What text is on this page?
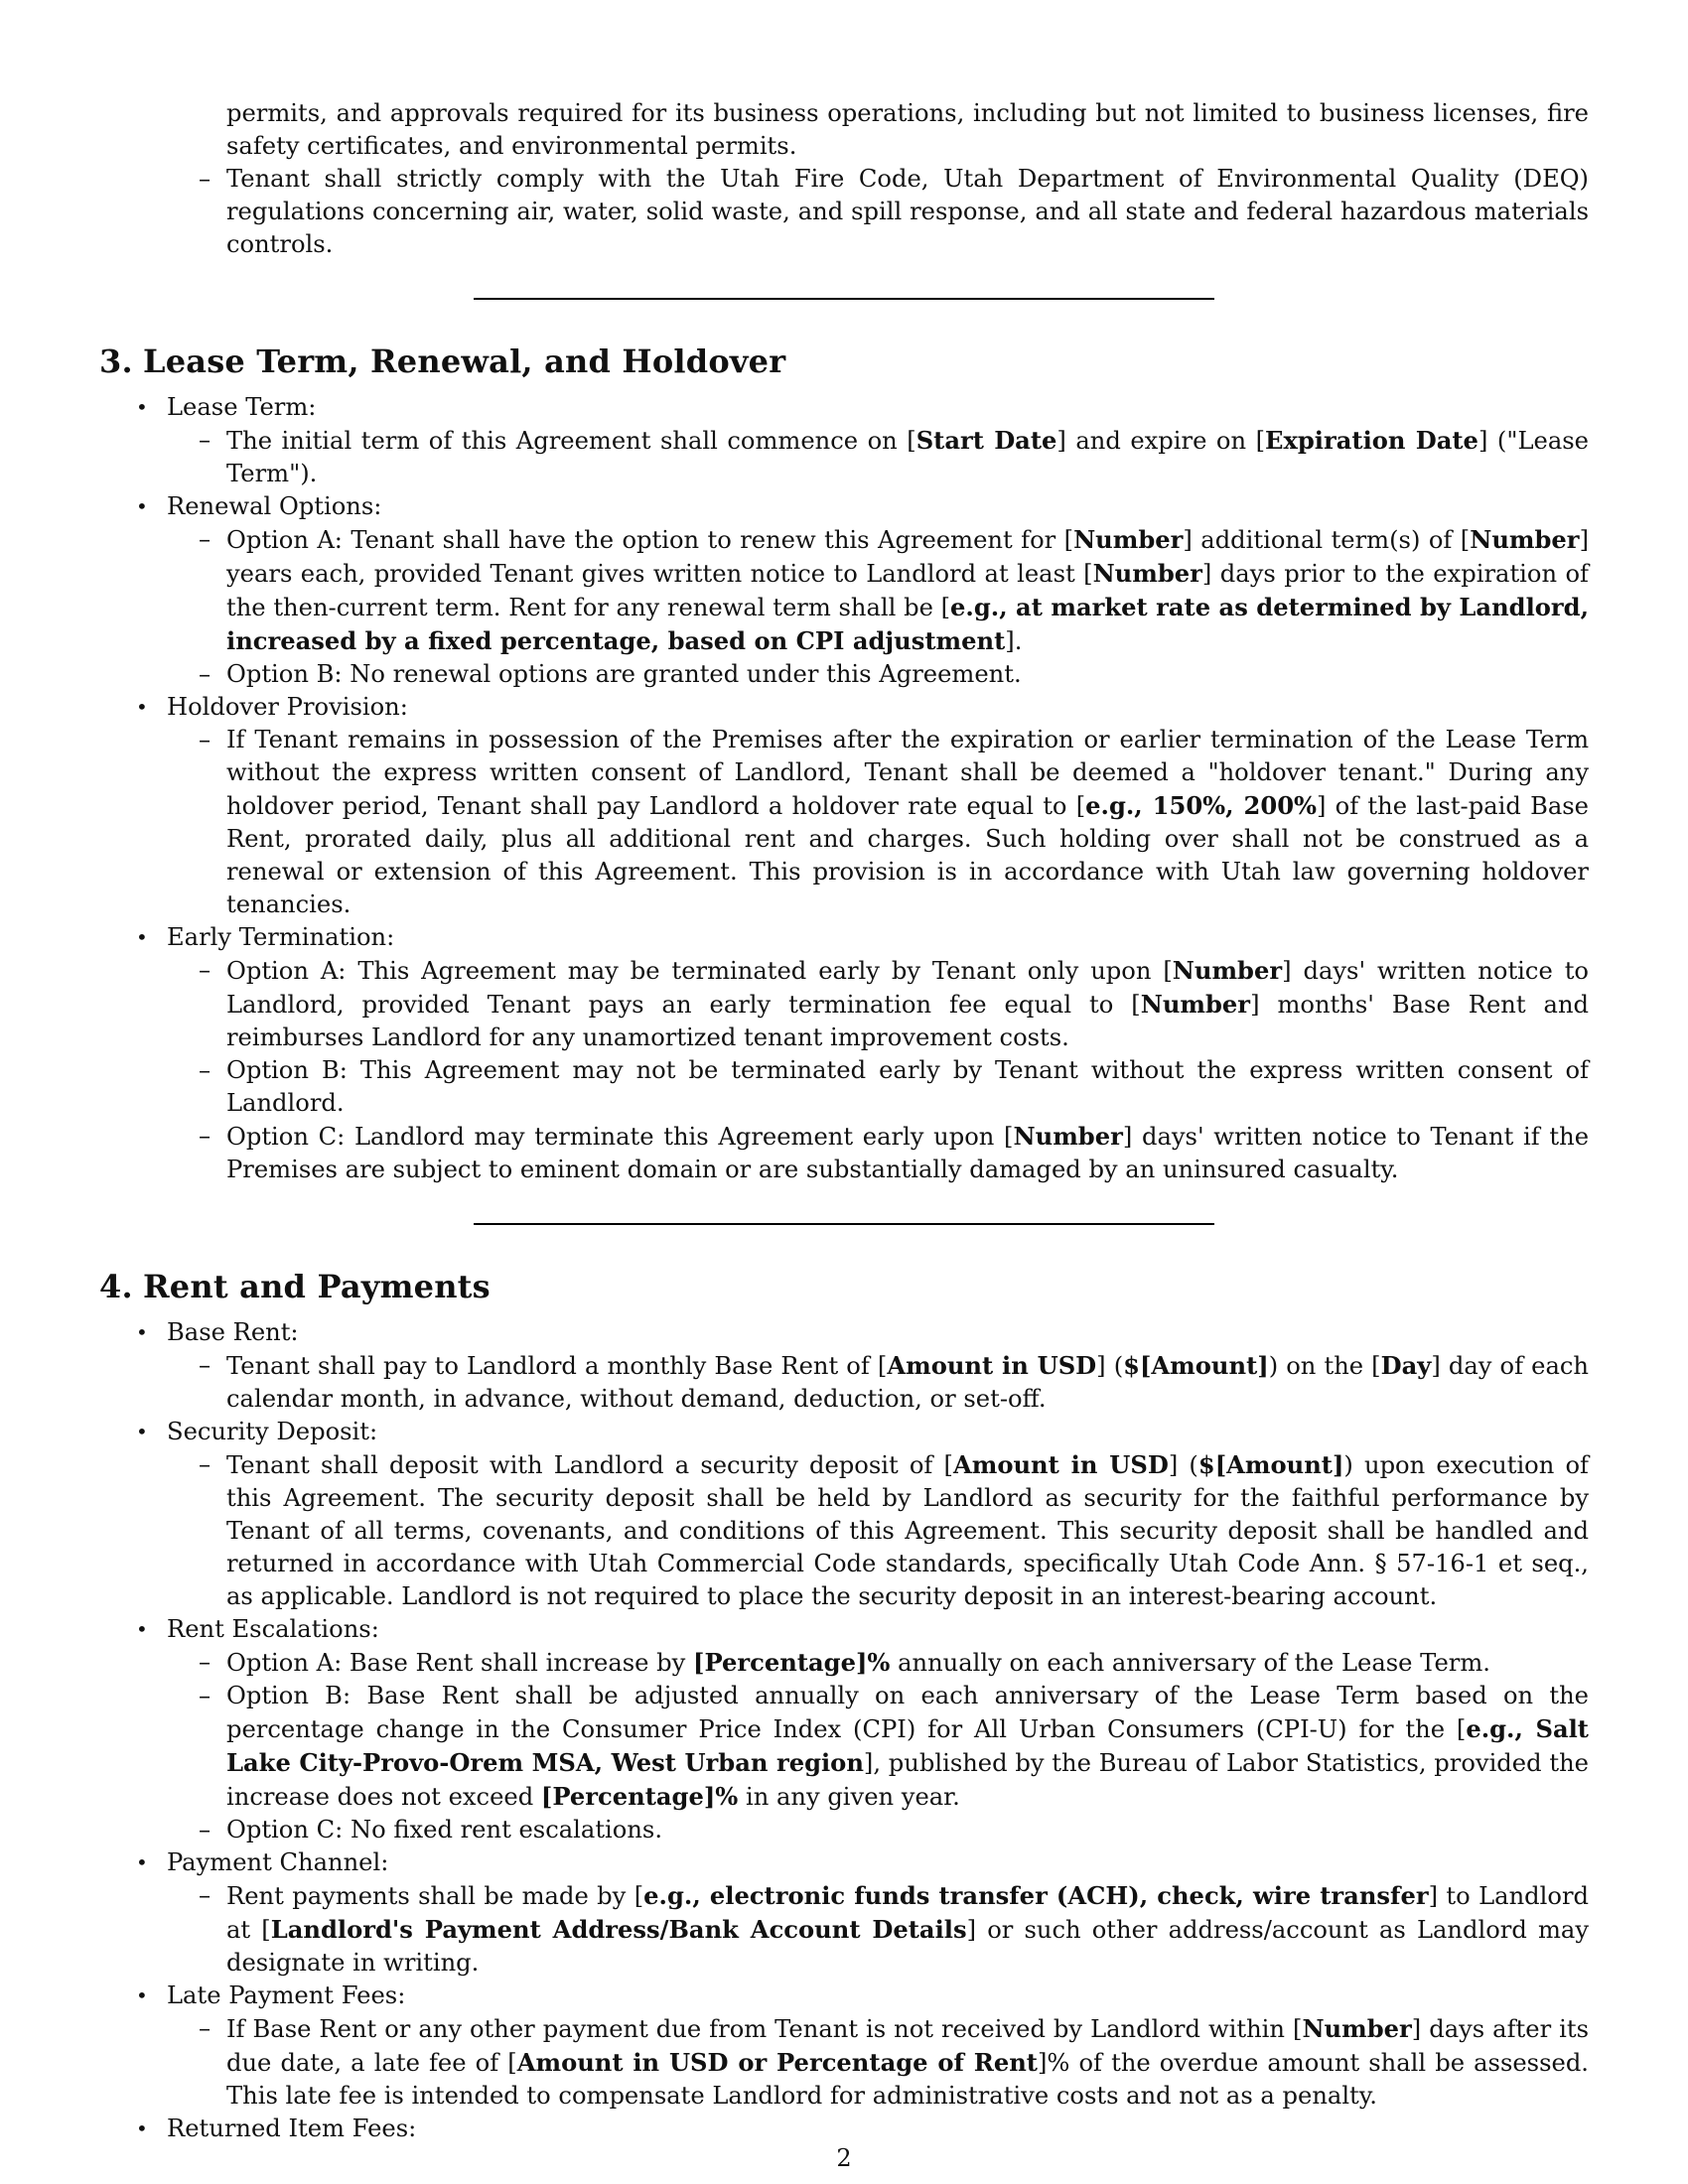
permits, and approvals required for its business operations, including but not limited to business licenses, fire safety certificates, and environmental permits.

– Tenant shall strictly comply with the Utah Fire Code, Utah Department of Environmental Quality (DEQ) regulations concerning air, water, solid waste, and spill response, and all state and federal hazardous materials controls.

3. Lease Term, Renewal, and Holdover
• Lease Term:

– The initial term of this Agreement shall commence on [Start Date] and expire on [Expiration Date] ("Lease Term").

• Renewal Options:

– Option A: Tenant shall have the option to renew this Agreement for [Number] additional term(s) of [Number] years each, provided Tenant gives written notice to Landlord at least [Number] days prior to the expiration of the then-current term. Rent for any renewal term shall be [e.g., at market rate as determined by Landlord, increased by a fixed percentage, based on CPI adjustment].

– Option B: No renewal options are granted under this Agreement.

• Holdover Provision:

– If Tenant remains in possession of the Premises after the expiration or earlier termination of the Lease Term without the express written consent of Landlord, Tenant shall be deemed a "holdover tenant." During any holdover period, Tenant shall pay Landlord a holdover rate equal to [e.g., 150%, 200%] of the last-paid Base Rent, prorated daily, plus all additional rent and charges. Such holding over shall not be construed as a renewal or extension of this Agreement. This provision is in accordance with Utah law governing holdover tenancies.

• Early Termination:

– Option A: This Agreement may be terminated early by Tenant only upon [Number] days' written notice to Landlord, provided Tenant pays an early termination fee equal to [Number] months' Base Rent and reimburses Landlord for any unamortized tenant improvement costs.

– Option B: This Agreement may not be terminated early by Tenant without the express written consent of Landlord.

– Option C: Landlord may terminate this Agreement early upon [Number] days' written notice to Tenant if the Premises are subject to eminent domain or are substantially damaged by an uninsured casualty.

4. Rent and Payments
• Base Rent:

– Tenant shall pay to Landlord a monthly Base Rent of [Amount in USD] ($[Amount]) on the [Day] day of each calendar month, in advance, without demand, deduction, or set-off.

• Security Deposit:

– Tenant shall deposit with Landlord a security deposit of [Amount in USD] ($[Amount]) upon execution of this Agreement. The security deposit shall be held by Landlord as security for the faithful performance by Tenant of all terms, covenants, and conditions of this Agreement. This security deposit shall be handled and returned in accordance with Utah Commercial Code standards, specifically Utah Code Ann. § 57-16-1 et seq., as applicable. Landlord is not required to place the security deposit in an interest-bearing account.

• Rent Escalations:

– Option A: Base Rent shall increase by [Percentage]% annually on each anniversary of the Lease Term.

– Option B: Base Rent shall be adjusted annually on each anniversary of the Lease Term based on the percentage change in the Consumer Price Index (CPI) for All Urban Consumers (CPI-U) for the [e.g., Salt Lake City-Provo-Orem MSA, West Urban region], published by the Bureau of Labor Statistics, provided the increase does not exceed [Percentage]% in any given year.

– Option C: No fixed rent escalations.

• Payment Channel:

– Rent payments shall be made by [e.g., electronic funds transfer (ACH), check, wire transfer] to Landlord at [Landlord's Payment Address/Bank Account Details] or such other address/account as Landlord may designate in writing.

• Late Payment Fees:

– If Base Rent or any other payment due from Tenant is not received by Landlord within [Number] days after its due date, a late fee of [Amount in USD or Percentage of Rent]% of the overdue amount shall be assessed. This late fee is intended to compensate Landlord for administrative costs and not as a penalty.

• Returned Item Fees:
2
